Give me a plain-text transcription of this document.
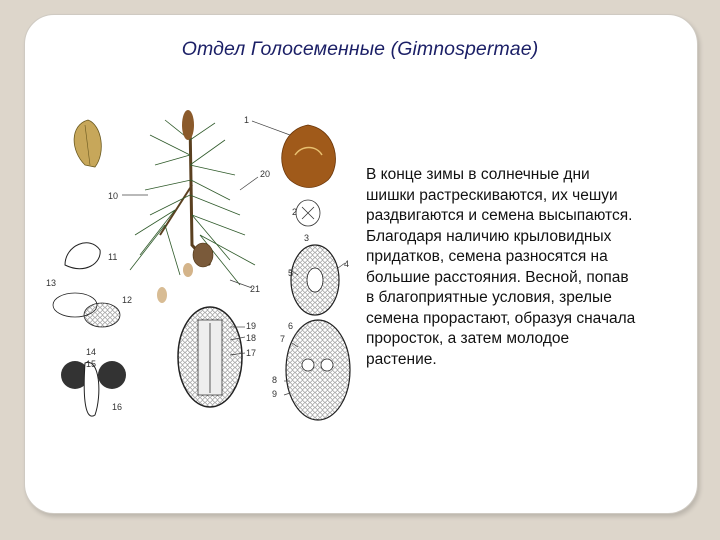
Отдел Голосеменные (Gimnospermae)

В конце зимы в солнечные дни
шишки растрескиваются, их чешуи
раздвигаются и семена высыпаются.
Благодаря наличию крыловидных
придатков, семена разносятся на
большие расстояния. Весной, попав
в благоприятные условия, зрелые
семена прорастают, образуя сначала
проросток, а затем молодое
растение.

1
20
2
3
4
5
21
10
11
12
13
14
15
16
19
18
17
6
7
8
9
